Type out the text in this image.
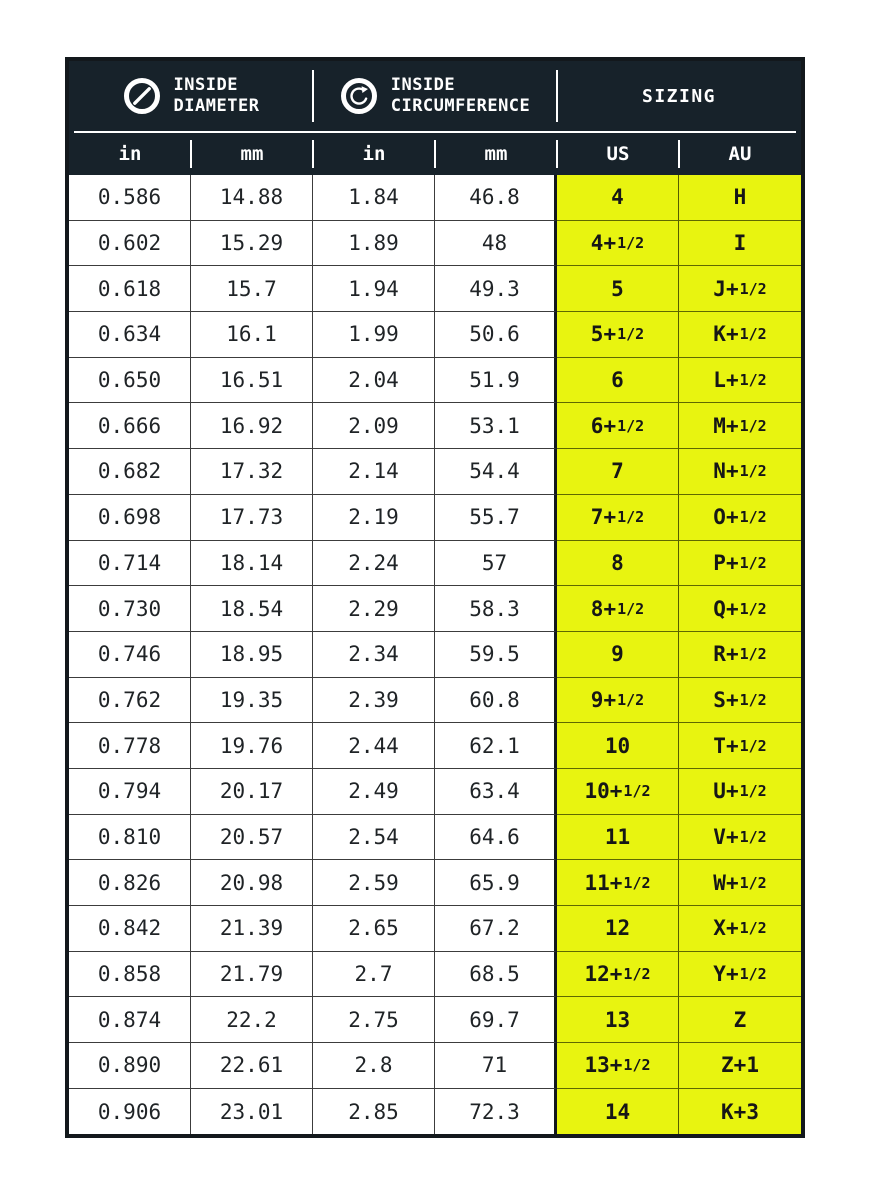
INSIDE
DIAMETER
INSIDE
CIRCUMFERENCE	SIZING
in	mm	in	mm	US	AU
0.586	14.88	1.84	46.8	4	H
0.602	15.29	1.89	48	4+ 1/2	I
0.618	15.7	1.94	49.3	5	J+ 1/2
0.634	16.1	1.99	50.6	5+ 1/2	K+ 1/2
0.650	16.51	2.04	51.9	6	L+ 1/2
0.666	16.92	2.09	53.1	6+ 1/2	M+ 1/2
0.682	17.32	2.14	54.4	7	N+ 1/2
0.698	17.73	2.19	55.7	7+ 1/2	O+ 1/2
0.714	18.14	2.24	57	8	P+ 1/2
0.730	18.54	2.29	58.3	8+ 1/2	Q+ 1/2
0.746	18.95	2.34	59.5	9	R+ 1/2
0.762	19.35	2.39	60.8	9+ 1/2	S+ 1/2
0.778	19.76	2.44	62.1	10	T+ 1/2
0.794	20.17	2.49	63.4	10+ 1/2	U+ 1/2
0.810	20.57	2.54	64.6	11	V+ 1/2
0.826	20.98	2.59	65.9	11+ 1/2	W+ 1/2
0.842	21.39	2.65	67.2	12	X+ 1/2
0.858	21.79	2.7	68.5	12+ 1/2	Y+ 1/2
0.874	22.2	2.75	69.7	13	Z
0.890	22.61	2.8	71	13+ 1/2	Z+1
0.906	23.01	2.85	72.3	14	K+3
